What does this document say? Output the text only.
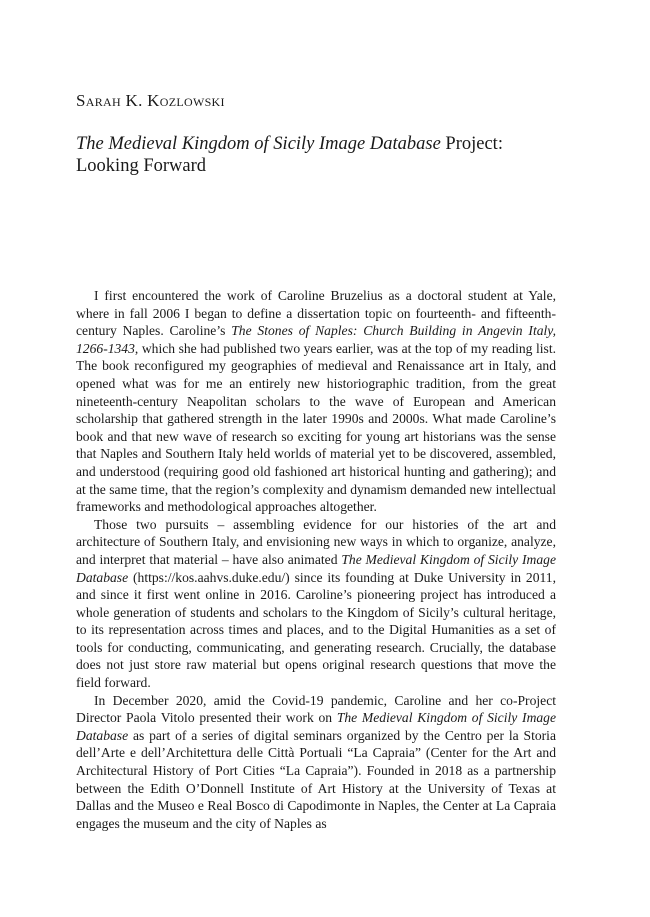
Sarah K. Kozlowski
The Medieval Kingdom of Sicily Image Database Project:
Looking Forward

I first encountered the work of Caroline Bruzelius as a doctoral student at Yale, where in fall 2006 I began to define a dissertation topic on fourteenth- and fifteenth-century Naples. Caroline’s The Stones of Naples: Church Building in Angevin Italy, 1266-1343, which she had published two years earlier, was at the top of my reading list. The book reconfigured my geographies of medieval and Renaissance art in Italy, and opened what was for me an entirely new historiographic tradition, from the great nineteenth-century Neapolitan scholars to the wave of European and American scholarship that gathered strength in the later 1990s and 2000s. What made Caroline’s book and that new wave of research so exciting for young art historians was the sense that Naples and Southern Italy held worlds of material yet to be discovered, assembled, and understood (requiring good old fashioned art historical hunting and gathering); and at the same time, that the region’s complexity and dynamism demanded new intellectual frameworks and methodological approaches altogether.

Those two pursuits – assembling evidence for our histories of the art and architecture of Southern Italy, and envisioning new ways in which to organize, analyze, and interpret that material – have also animated The Medieval Kingdom of Sicily Image Database (https://kos.aahvs.duke.edu/) since its founding at Duke University in 2011, and since it first went online in 2016. Caroline’s pioneering project has introduced a whole generation of students and scholars to the Kingdom of Sicily’s cultural heritage, to its representation across times and places, and to the Digital Humanities as a set of tools for conducting, communicating, and generating research. Crucially, the database does not just store raw material but opens original research questions that move the field forward.

In December 2020, amid the Covid-19 pandemic, Caroline and her co-Project Director Paola Vitolo presented their work on The Medieval Kingdom of Sicily Image Database as part of a series of digital seminars organized by the Centro per la Storia dell’Arte e dell’Architettura delle Città Portuali “La Capraia” (Center for the Art and Architectural History of Port Cities “La Capraia”). Founded in 2018 as a partnership between the Edith O’Donnell Institute of Art History at the University of Texas at Dallas and the Museo e Real Bosco di Capodimonte in Naples, the Center at La Capraia engages the museum and the city of Naples as
